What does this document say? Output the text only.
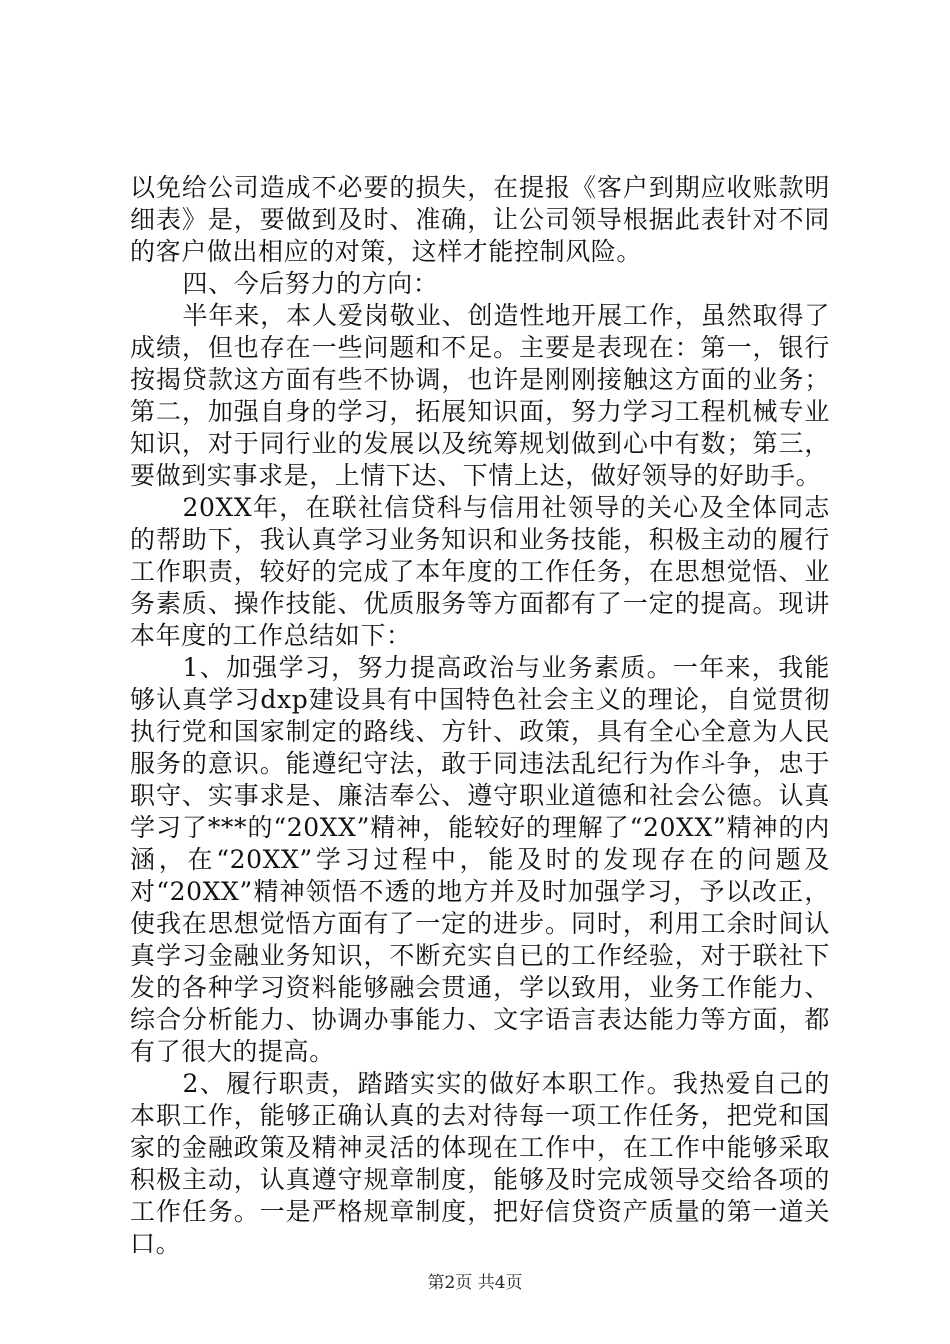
以免给公司造成不必要的损失，在提报《客户到期应收账款明细表》是，要做到及时、准确，让公司领导根据此表针对不同的客户做出相应的对策，这样才能控制风险。

四、今后努力的方向：

半年来，本人爱岗敬业、创造性地开展工作，虽然取得了成绩，但也存在一些问题和不足。主要是表现在：第一，银行按揭贷款这方面有些不协调，也许是刚刚接触这方面的业务；第二，加强自身的学习，拓展知识面，努力学习工程机械专业知识，对于同行业的发展以及统筹规划做到心中有数；第三，要做到实事求是，上情下达、下情上达，做好领导的好助手。

20XX年，在联社信贷科与信用社领导的关心及全体同志的帮助下，我认真学习业务知识和业务技能，积极主动的履行工作职责，较好的完成了本年度的工作任务，在思想觉悟、业务素质、操作技能、优质服务等方面都有了一定的提高。现讲本年度的工作总结如下：

1、加强学习，努力提高政治与业务素质。一年来，我能够认真学习dxp建设具有中国特色社会主义的理论，自觉贯彻执行党和国家制定的路线、方针、政策，具有全心全意为人民服务的意识。能遵纪守法，敢于同违法乱纪行为作斗争，忠于职守、实事求是、廉洁奉公、遵守职业道德和社会公德。认真学习了***的“20XX”精神，能较好的理解了“20XX”精神的内涵，在“20XX”学习过程中，能及时的发现存在的问题及对“20XX”精神领悟不透的地方并及时加强学习，予以改正，使我在思想觉悟方面有了一定的进步。同时，利用工余时间认真学习金融业务知识，不断充实自已的工作经验，对于联社下发的各种学习资料能够融会贯通，学以致用，业务工作能力、综合分析能力、协调办事能力、文字语言表达能力等方面，都有了很大的提高。

2、履行职责，踏踏实实的做好本职工作。我热爱自己的本职工作，能够正确认真的去对待每一项工作任务，把党和国家的金融政策及精神灵活的体现在工作中，在工作中能够采取积极主动，认真遵守规章制度，能够及时完成领导交给各项的工作任务。一是严格规章制度，把好信贷资产质量的第一道关口。

第2页 共4页
